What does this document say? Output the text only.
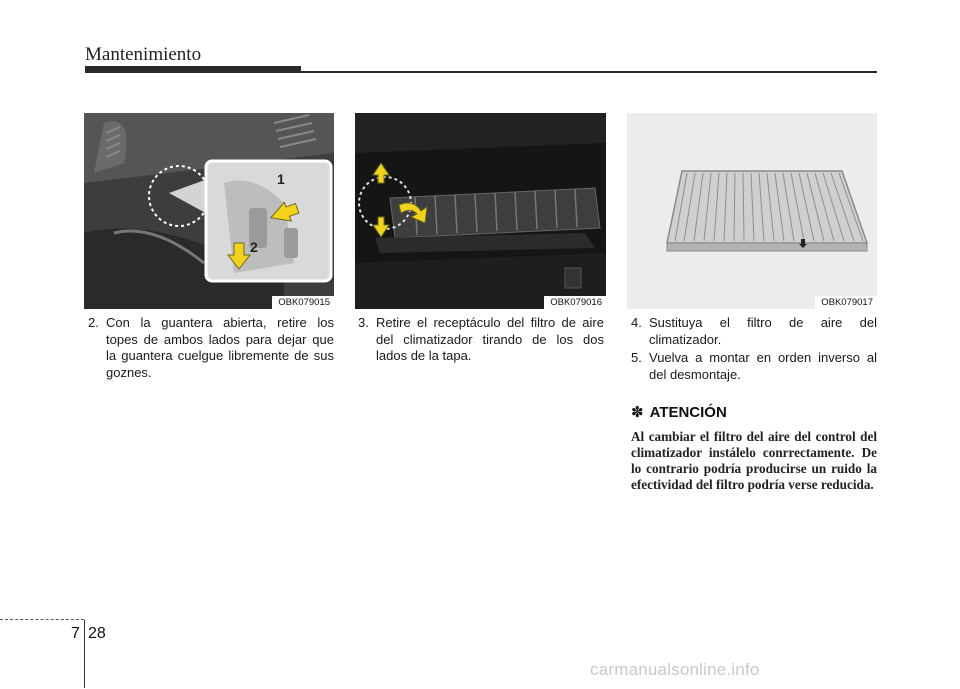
Mantenimiento
1
2
OBK079015	OBK079016	OBK079017

2. Con la guantera abierta, retire los topes de ambos lados para dejar que la guantera cuelgue libremente de sus goznes.

3. Retire el receptáculo del filtro de aire del climatizador tirando de los dos lados de la tapa.

4. Sustituya el filtro de aire del climatizador.

5. Vuelva a montar en orden inverso al del desmontaje.

✽ ATENCIÓN
Al cambiar el filtro del aire del control del climatizador instálelo conrrectamente. De lo contrario podría producirse un ruido la efectividad del filtro podría verse reducida.
7 28
carmanualsonline.info
